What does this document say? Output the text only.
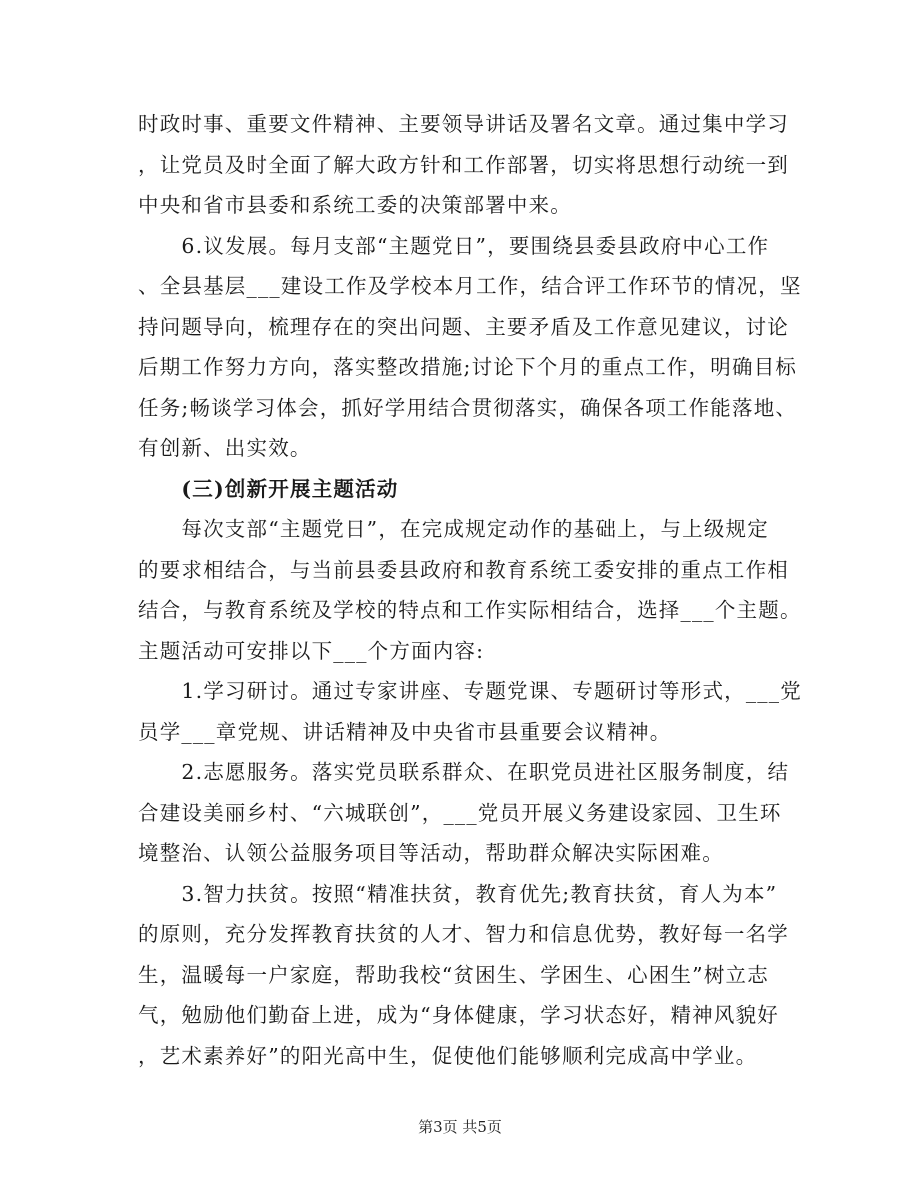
时政时事、重要文件精神、主要领导讲话及署名文章。通过集中学习
，让党员及时全面了解大政方针和工作部署，切实将思想行动统一到
中央和省市县委和系统工委的决策部署中来。
　　6.议发展。每月支部“主题党日”，要围绕县委县政府中心工作
、全县基层___建设工作及学校本月工作，结合评工作环节的情况，坚
持问题导向，梳理存在的突出问题、主要矛盾及工作意见建议，讨论
后期工作努力方向，落实整改措施;讨论下个月的重点工作，明确目标
任务;畅谈学习体会，抓好学用结合贯彻落实，确保各项工作能落地、
有创新、出实效。
　　(三)创新开展主题活动
　　每次支部“主题党日”，在完成规定动作的基础上，与上级规定
的要求相结合，与当前县委县政府和教育系统工委安排的重点工作相
结合，与教育系统及学校的特点和工作实际相结合，选择___个主题。
主题活动可安排以下___个方面内容:
　　1.学习研讨。通过专家讲座、专题党课、专题研讨等形式，___党
员学___章党规、讲话精神及中央省市县重要会议精神。
　　2.志愿服务。落实党员联系群众、在职党员进社区服务制度，结
合建设美丽乡村、“六城联创”，___党员开展义务建设家园、卫生环
境整治、认领公益服务项目等活动，帮助群众解决实际困难。
　　3.智力扶贫。按照“精准扶贫，教育优先;教育扶贫，育人为本”
的原则，充分发挥教育扶贫的人才、智力和信息优势，教好每一名学
生，温暖每一户家庭，帮助我校“贫困生、学困生、心困生”树立志
气，勉励他们勤奋上进，成为“身体健康，学习状态好，精神风貌好
，艺术素养好”的阳光高中生，促使他们能够顺利完成高中学业。
第3页 共5页
